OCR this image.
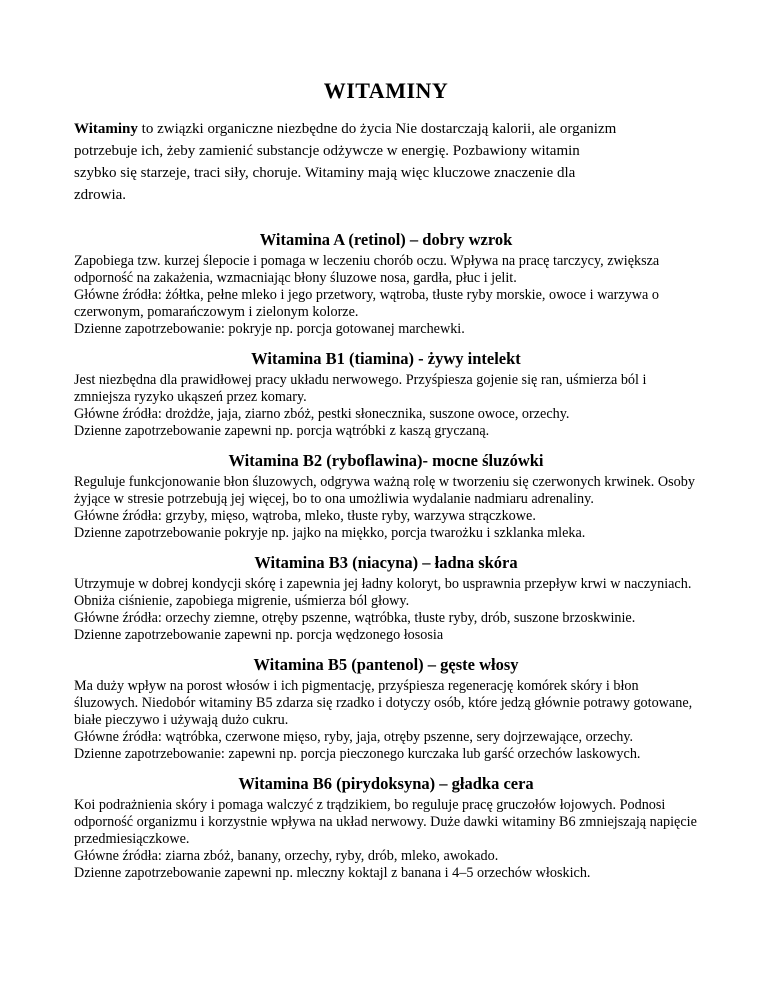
WITAMINY

Witaminy to związki organiczne niezbędne do życia Nie dostarczają kalorii, ale organizm potrzebuje ich, żeby zamienić substancje odżywcze w energię. Pozbawiony witamin szybko się starzeje, traci siły, choruje. Witaminy mają więc kluczowe znaczenie dla zdrowia.

Witamina A (retinol) – dobry wzrok

Zapobiega tzw. kurzej ślepocie i pomaga w leczeniu chorób oczu. Wpływa na pracę tarczycy, zwiększa odporność na zakażenia, wzmacniając błony śluzowe nosa, gardła, płuc i jelit.

Główne źródła: żółtka, pełne mleko i jego przetwory, wątroba, tłuste ryby morskie, owoce i warzywa o czerwonym, pomarańczowym i zielonym kolorze.

Dzienne zapotrzebowanie: pokryje np. porcja gotowanej marchewki.

Witamina B1 (tiamina) - żywy intelekt

Jest niezbędna dla prawidłowej pracy układu nerwowego. Przyśpiesza gojenie się ran, uśmierza ból i zmniejsza ryzyko ukąszeń przez komary.

Główne źródła: drożdże, jaja, ziarno zbóż, pestki słonecznika, suszone owoce, orzechy.

Dzienne zapotrzebowanie zapewni np. porcja wątróbki z kaszą gryczaną.

Witamina B2 (ryboflawina)- mocne śluzówki

Reguluje funkcjonowanie błon śluzowych, odgrywa ważną rolę w tworzeniu się czerwonych krwinek. Osoby żyjące w stresie potrzebują jej więcej, bo to ona umożliwia wydalanie nadmiaru adrenaliny.

Główne źródła: grzyby, mięso, wątroba, mleko, tłuste ryby, warzywa strączkowe.

Dzienne zapotrzebowanie pokryje np. jajko na miękko, porcja twarożku i szklanka mleka.

Witamina B3 (niacyna) – ładna skóra

Utrzymuje w dobrej kondycji skórę i zapewnia jej ładny koloryt, bo usprawnia przepływ krwi w naczyniach. Obniża ciśnienie, zapobiega migrenie, uśmierza ból głowy.

Główne źródła: orzechy ziemne, otręby pszenne, wątróbka, tłuste ryby, drób, suszone brzoskwinie.

Dzienne zapotrzebowanie zapewni np. porcja wędzonego łososia

Witamina B5 (pantenol) – gęste włosy

Ma duży wpływ na porost włosów i ich pigmentację, przyśpiesza regenerację komórek skóry i błon śluzowych. Niedobór witaminy B5 zdarza się rzadko i dotyczy osób, które jedzą głównie potrawy gotowane, białe pieczywo i używają dużo cukru.

Główne źródła: wątróbka, czerwone mięso, ryby, jaja, otręby pszenne, sery dojrzewające, orzechy.

Dzienne zapotrzebowanie: zapewni np. porcja pieczonego kurczaka lub garść orzechów laskowych.

Witamina B6 (pirydoksyna) – gładka cera

Koi podrażnienia skóry i pomaga walczyć z trądzikiem, bo reguluje pracę gruczołów łojowych. Podnosi odporność organizmu i korzystnie wpływa na układ nerwowy. Duże dawki witaminy B6 zmniejszają napięcie przedmiesiączkowe.

Główne źródła: ziarna zbóż, banany, orzechy, ryby, drób, mleko, awokado.

Dzienne zapotrzebowanie zapewni np. mleczny koktajl z banana i 4–5 orzechów włoskich.
